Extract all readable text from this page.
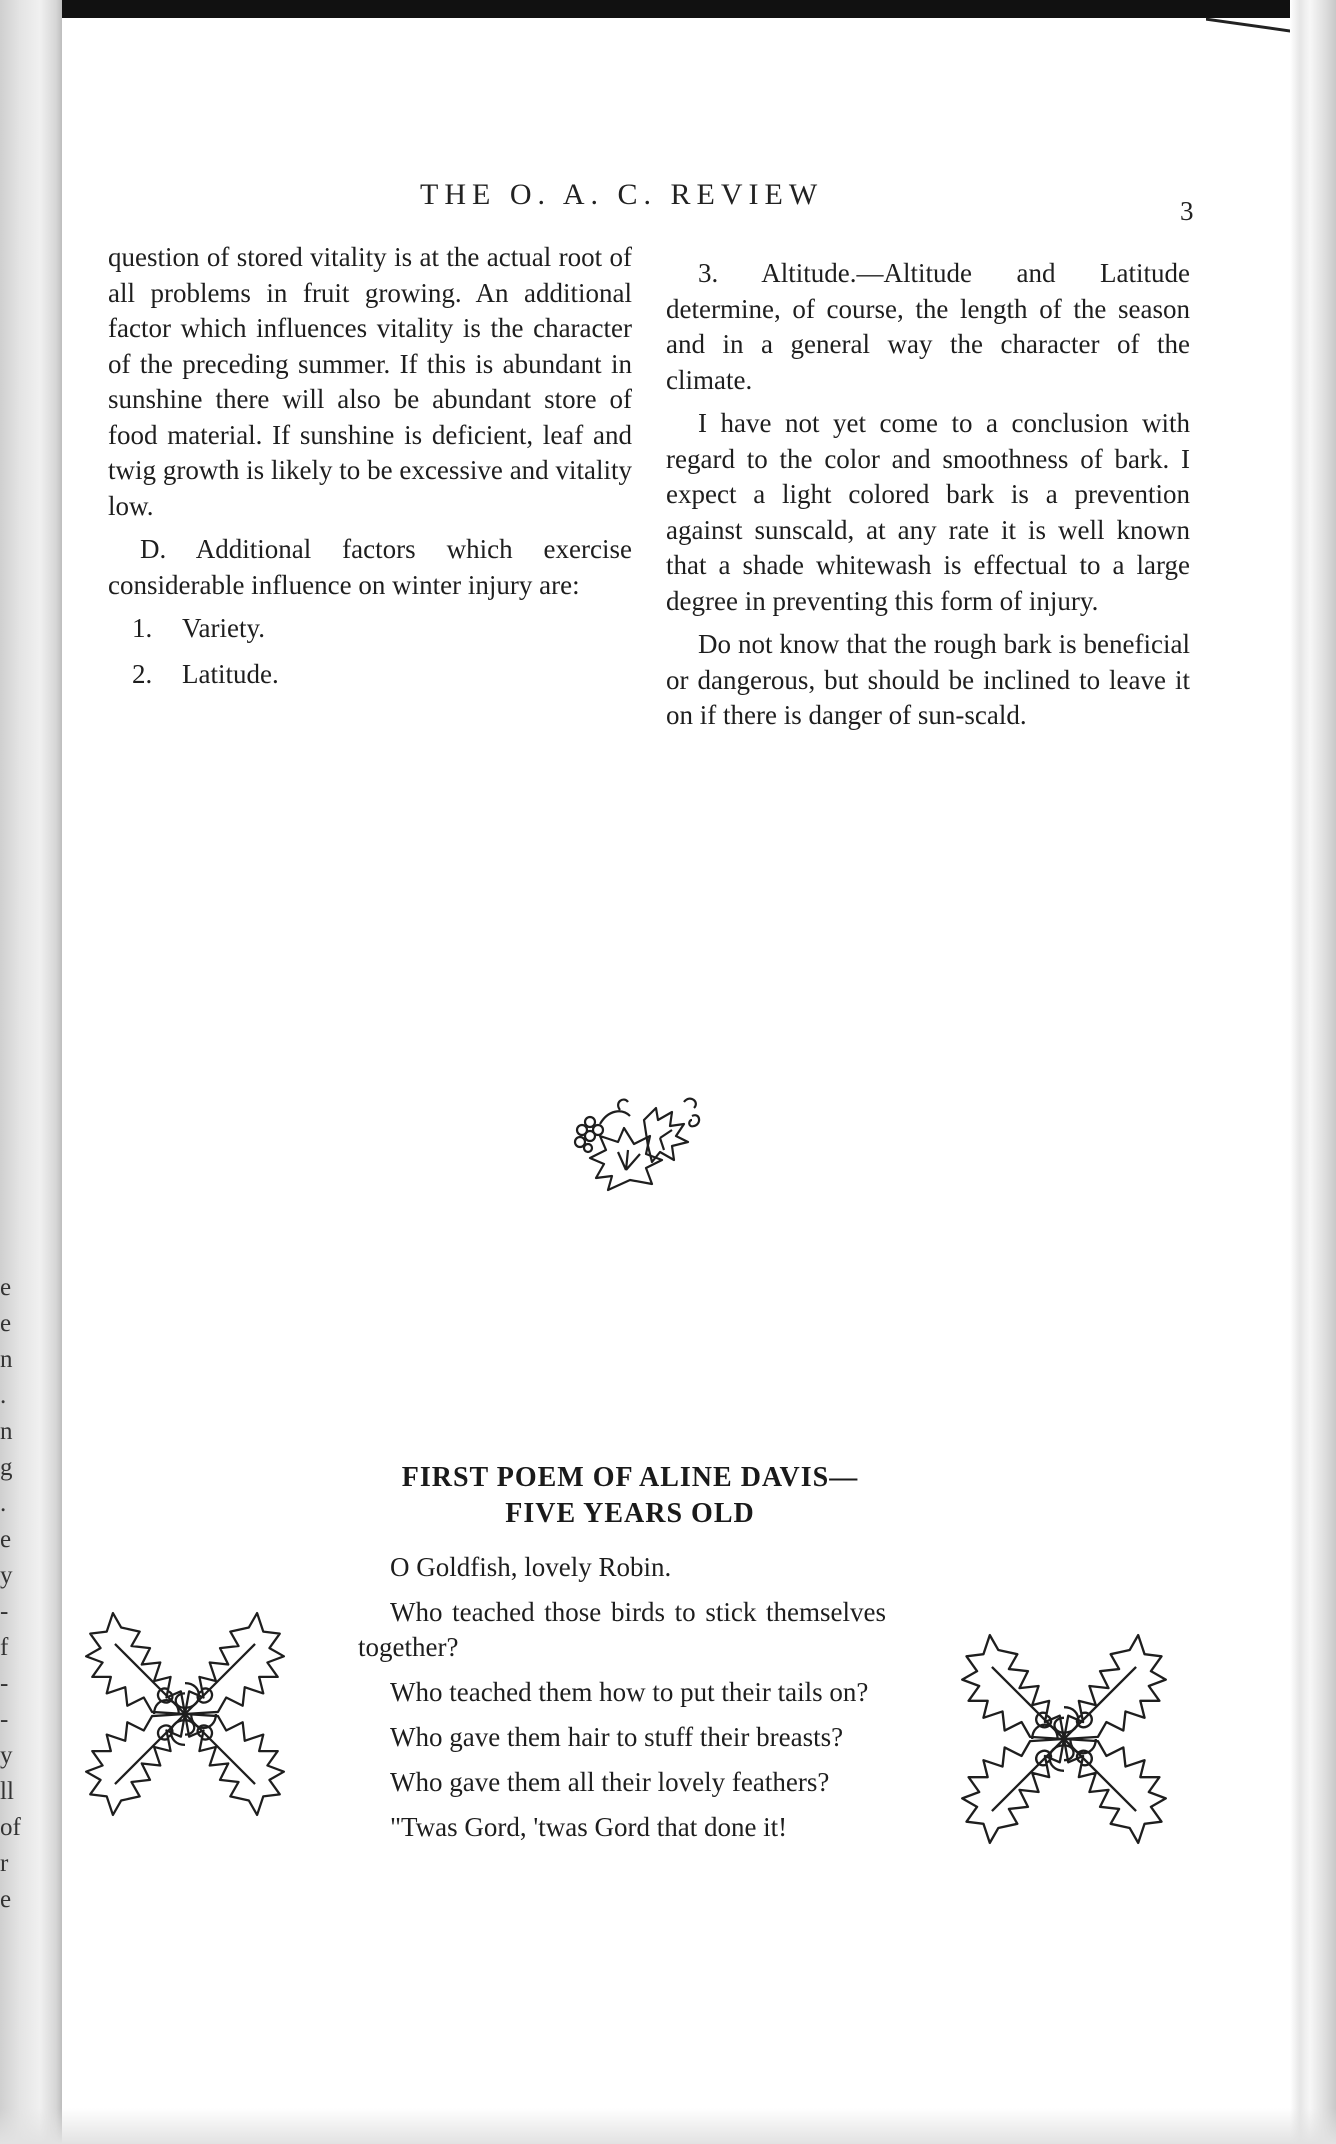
e
e
n
.
n
g
.
e
y
-
f
-
-
y
ll
of
r
e
THE O. A. C. REVIEW	3

question of stored vitality is at the actual root of all problems in fruit growing. An additional factor which influences vitality is the character of the preceding summer. If this is abundant in sunshine there will also be abundant store of food material. If sunshine is deficient, leaf and twig growth is likely to be excessive and vitality low.

D. Additional factors which exercise considerable influence on winter injury are:

1. Variety.

2. Latitude.

3. Altitude.—Altitude and Latitude determine, of course, the length of the season and in a general way the character of the climate.

I have not yet come to a conclusion with regard to the color and smoothness of bark. I expect a light colored bark is a prevention against sunscald, at any rate it is well known that a shade whitewash is effectual to a large degree in preventing this form of injury.

Do not know that the rough bark is beneficial or dangerous, but should be inclined to leave it on if there is danger of sun-scald.

FIRST POEM OF ALINE DAVIS—
FIVE YEARS OLD

O Goldfish, lovely Robin.

Who teached those birds to stick themselves together?

Who teached them how to put their tails on?

Who gave them hair to stuff their breasts?

Who gave them all their lovely feathers?

"Twas Gord, 'twas Gord that done it!
